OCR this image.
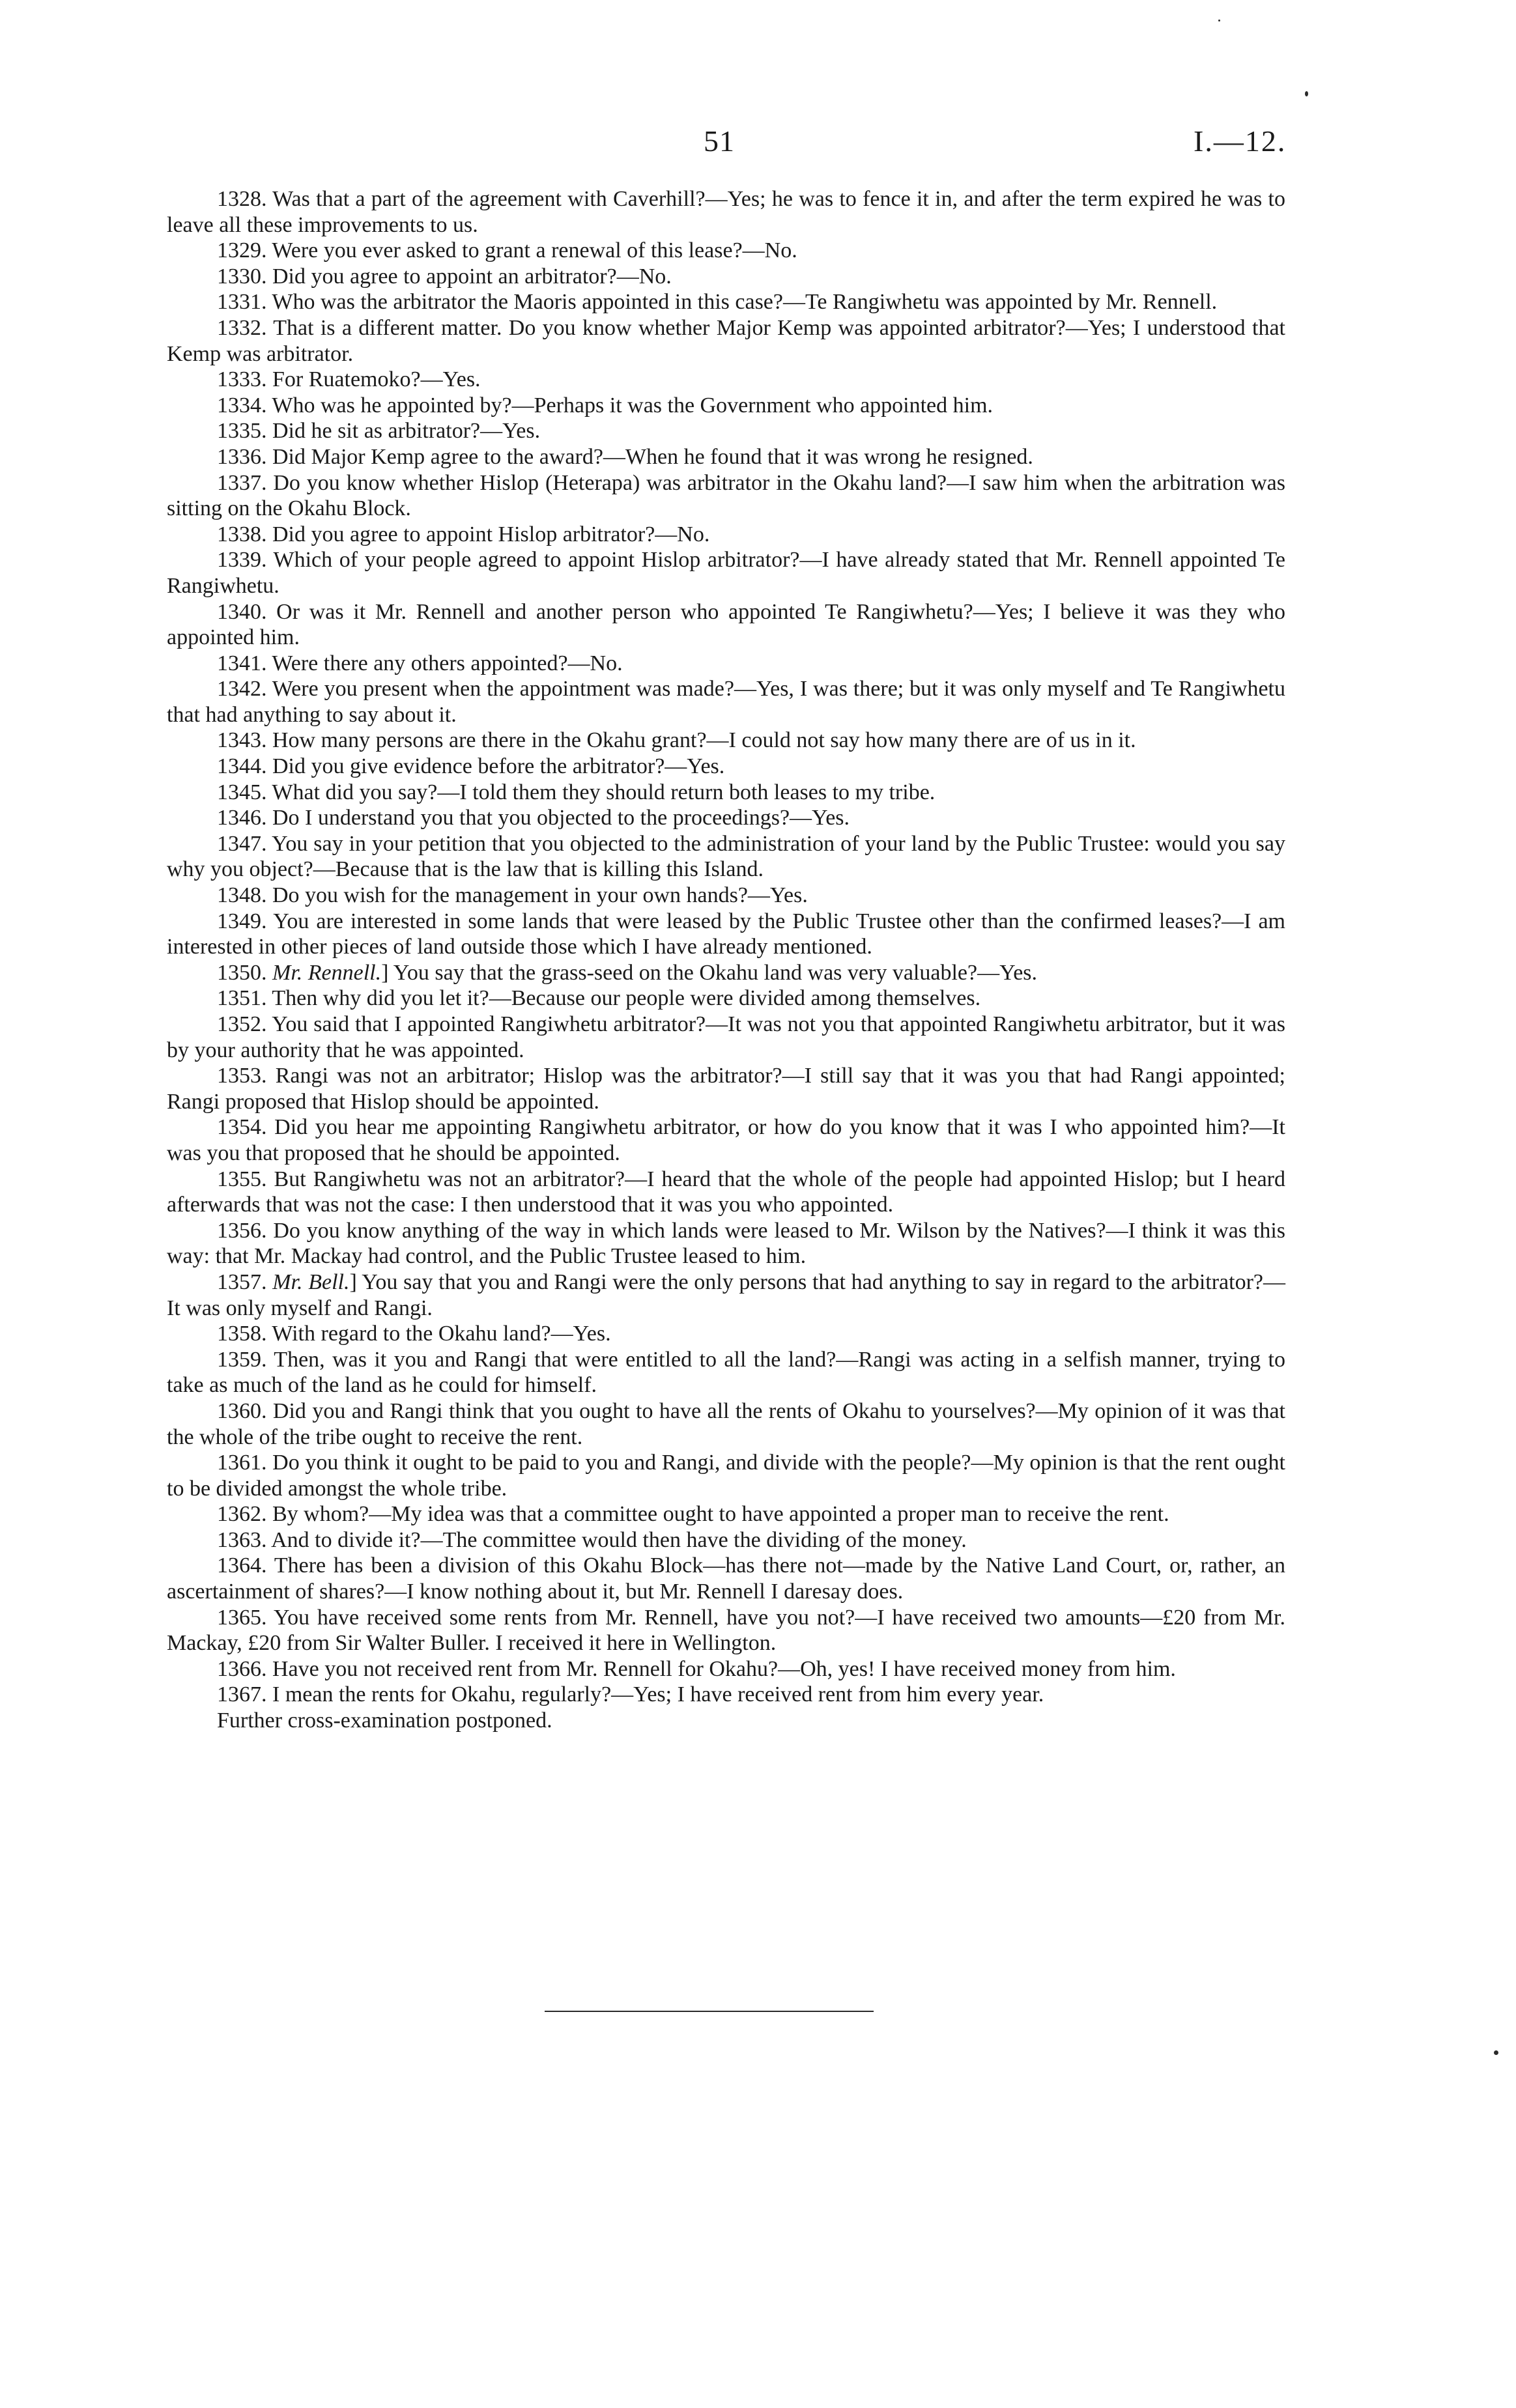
51	I.—12.

1328. Was that a part of the agreement with Caverhill?—Yes; he was to fence it in, and after the term expired he was to leave all these improvements to us.

1329. Were you ever asked to grant a renewal of this lease?—No.

1330. Did you agree to appoint an arbitrator?—No.

1331. Who was the arbitrator the Maoris appointed in this case?—Te Rangiwhetu was appointed by Mr. Rennell.

1332. That is a different matter. Do you know whether Major Kemp was appointed arbitrator?—Yes; I understood that Kemp was arbitrator.

1333. For Ruatemoko?—Yes.

1334. Who was he appointed by?—Perhaps it was the Government who appointed him.

1335. Did he sit as arbitrator?—Yes.

1336. Did Major Kemp agree to the award?—When he found that it was wrong he resigned.

1337. Do you know whether Hislop (Heterapa) was arbitrator in the Okahu land?—I saw him when the arbitration was sitting on the Okahu Block.

1338. Did you agree to appoint Hislop arbitrator?—No.

1339. Which of your people agreed to appoint Hislop arbitrator?—I have already stated that Mr. Rennell appointed Te Rangiwhetu.

1340. Or was it Mr. Rennell and another person who appointed Te Rangiwhetu?—Yes; I believe it was they who appointed him.

1341. Were there any others appointed?—No.

1342. Were you present when the appointment was made?—Yes, I was there; but it was only myself and Te Rangiwhetu that had anything to say about it.

1343. How many persons are there in the Okahu grant?—I could not say how many there are of us in it.

1344. Did you give evidence before the arbitrator?—Yes.

1345. What did you say?—I told them they should return both leases to my tribe.

1346. Do I understand you that you objected to the proceedings?—Yes.

1347. You say in your petition that you objected to the administration of your land by the Public Trustee: would you say why you object?—Because that is the law that is killing this Island.

1348. Do you wish for the management in your own hands?—Yes.

1349. You are interested in some lands that were leased by the Public Trustee other than the confirmed leases?—I am interested in other pieces of land outside those which I have already mentioned.

1350. Mr. Rennell.] You say that the grass-seed on the Okahu land was very valuable?—Yes.

1351. Then why did you let it?—Because our people were divided among themselves.

1352. You said that I appointed Rangiwhetu arbitrator?—It was not you that appointed Rangiwhetu arbitrator, but it was by your authority that he was appointed.

1353. Rangi was not an arbitrator; Hislop was the arbitrator?—I still say that it was you that had Rangi appointed; Rangi proposed that Hislop should be appointed.

1354. Did you hear me appointing Rangiwhetu arbitrator, or how do you know that it was I who appointed him?—It was you that proposed that he should be appointed.

1355. But Rangiwhetu was not an arbitrator?—I heard that the whole of the people had appointed Hislop; but I heard afterwards that was not the case: I then understood that it was you who appointed.

1356. Do you know anything of the way in which lands were leased to Mr. Wilson by the Natives?—I think it was this way: that Mr. Mackay had control, and the Public Trustee leased to him.

1357. Mr. Bell.] You say that you and Rangi were the only persons that had anything to say in regard to the arbitrator?—It was only myself and Rangi.

1358. With regard to the Okahu land?—Yes.

1359. Then, was it you and Rangi that were entitled to all the land?—Rangi was acting in a selfish manner, trying to take as much of the land as he could for himself.

1360. Did you and Rangi think that you ought to have all the rents of Okahu to yourselves?—My opinion of it was that the whole of the tribe ought to receive the rent.

1361. Do you think it ought to be paid to you and Rangi, and divide with the people?—My opinion is that the rent ought to be divided amongst the whole tribe.

1362. By whom?—My idea was that a committee ought to have appointed a proper man to receive the rent.

1363. And to divide it?—The committee would then have the dividing of the money.

1364. There has been a division of this Okahu Block—has there not—made by the Native Land Court, or, rather, an ascertainment of shares?—I know nothing about it, but Mr. Rennell I daresay does.

1365. You have received some rents from Mr. Rennell, have you not?—I have received two amounts—£20 from Mr. Mackay, £20 from Sir Walter Buller. I received it here in Wellington.

1366. Have you not received rent from Mr. Rennell for Okahu?—Oh, yes! I have received money from him.

1367. I mean the rents for Okahu, regularly?—Yes; I have received rent from him every year.

Further cross-examination postponed.
